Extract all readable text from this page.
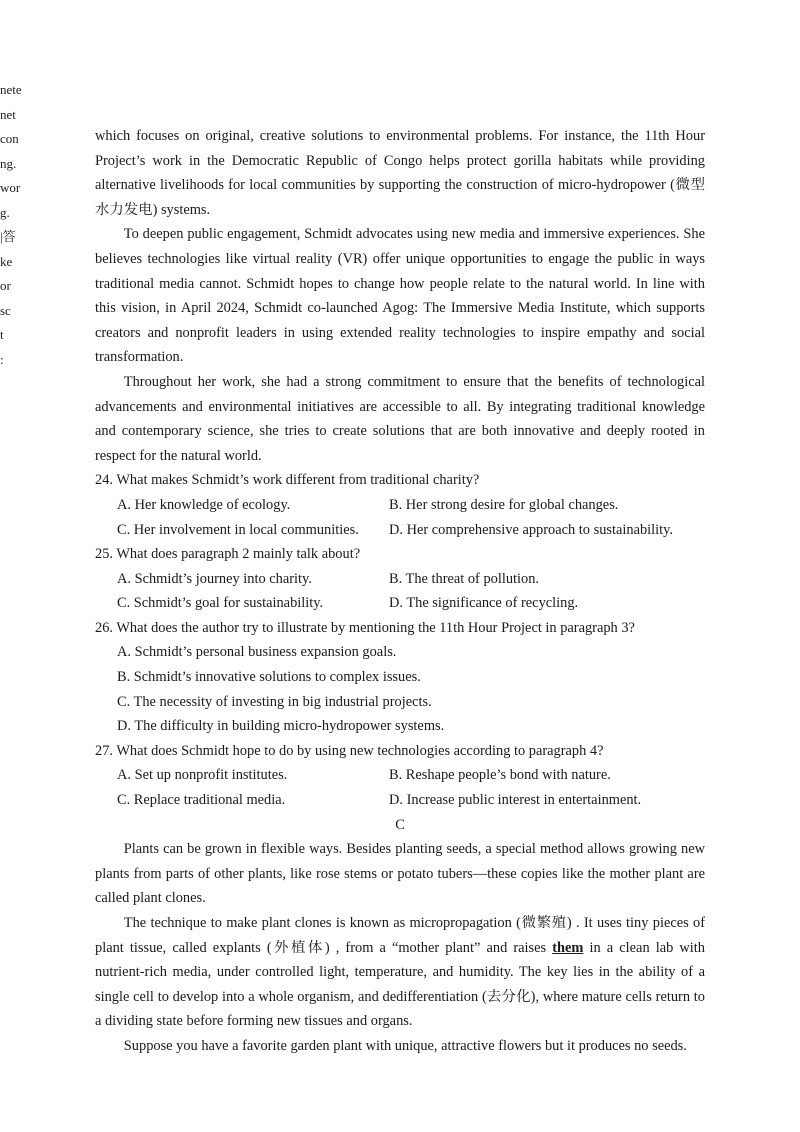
nete
net
con
ng.
wor
g.
|答
ke
or
sc
t
:

which focuses on original, creative solutions to environmental problems. For instance, the 11th Hour Project’s work in the Democratic Republic of Congo helps protect gorilla habitats while providing alternative livelihoods for local communities by supporting the construction of micro-hydropower (微型水力发电) systems.

To deepen public engagement, Schmidt advocates using new media and immersive experiences. She believes technologies like virtual reality (VR) offer unique opportunities to engage the public in ways traditional media cannot. Schmidt hopes to change how people relate to the natural world. In line with this vision, in April 2024, Schmidt co-launched Agog: The Immersive Media Institute, which supports creators and nonprofit leaders in using extended reality technologies to inspire empathy and social transformation.

Throughout her work, she had a strong commitment to ensure that the benefits of technological advancements and environmental initiatives are accessible to all. By integrating traditional knowledge and contemporary science, she tries to create solutions that are both innovative and deeply rooted in respect for the natural world.

24. What makes Schmidt’s work different from traditional charity?

A. Her knowledge of ecology.	B. Her strong desire for global changes.
C. Her involvement in local communities.	D. Her comprehensive approach to sustainability.

25. What does paragraph 2 mainly talk about?

A. Schmidt’s journey into charity.	B. The threat of pollution.
C. Schmidt’s goal for sustainability.	D. The significance of recycling.

26. What does the author try to illustrate by mentioning the 11th Hour Project in paragraph 3?

A. Schmidt’s personal business expansion goals.

B. Schmidt’s innovative solutions to complex issues.

C. The necessity of investing in big industrial projects.

D. The difficulty in building micro-hydropower systems.

27. What does Schmidt hope to do by using new technologies according to paragraph 4?

A. Set up nonprofit institutes.	B. Reshape people’s bond with nature.
C. Replace traditional media.	D. Increase public interest in entertainment.

C

Plants can be grown in flexible ways. Besides planting seeds, a special method allows growing new plants from parts of other plants, like rose stems or potato tubers—these copies like the mother plant are called plant clones.

The technique to make plant clones is known as micropropagation (微繁殖) . It uses tiny pieces of plant tissue, called explants (外植体) , from a “mother plant” and raises them in a clean lab with nutrient-rich media, under controlled light, temperature, and humidity. The key lies in the ability of a single cell to develop into a whole organism, and dedifferentiation (去分化), where mature cells return to a dividing state before forming new tissues and organs.

Suppose you have a favorite garden plant with unique, attractive flowers but it produces no seeds.
